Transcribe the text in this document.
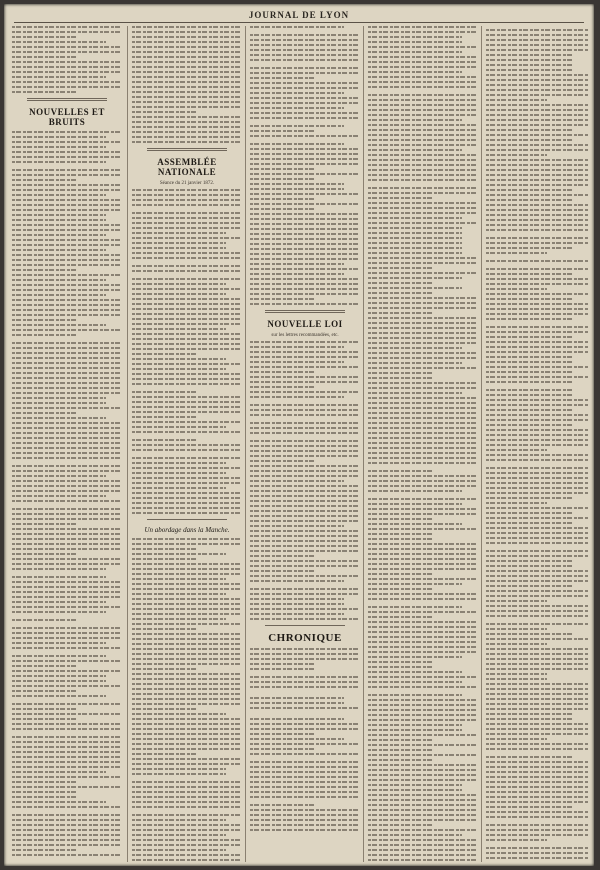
JOURNAL DE LYON
NOUVELLES ET BRUITS
ASSEMBLÉE NATIONALE
Séance du 21 janvier 1872.
Un abordage dans la Manche.
NOUVELLE LOI
sur les lettres recommandées, etc.
CHRONIQUE
